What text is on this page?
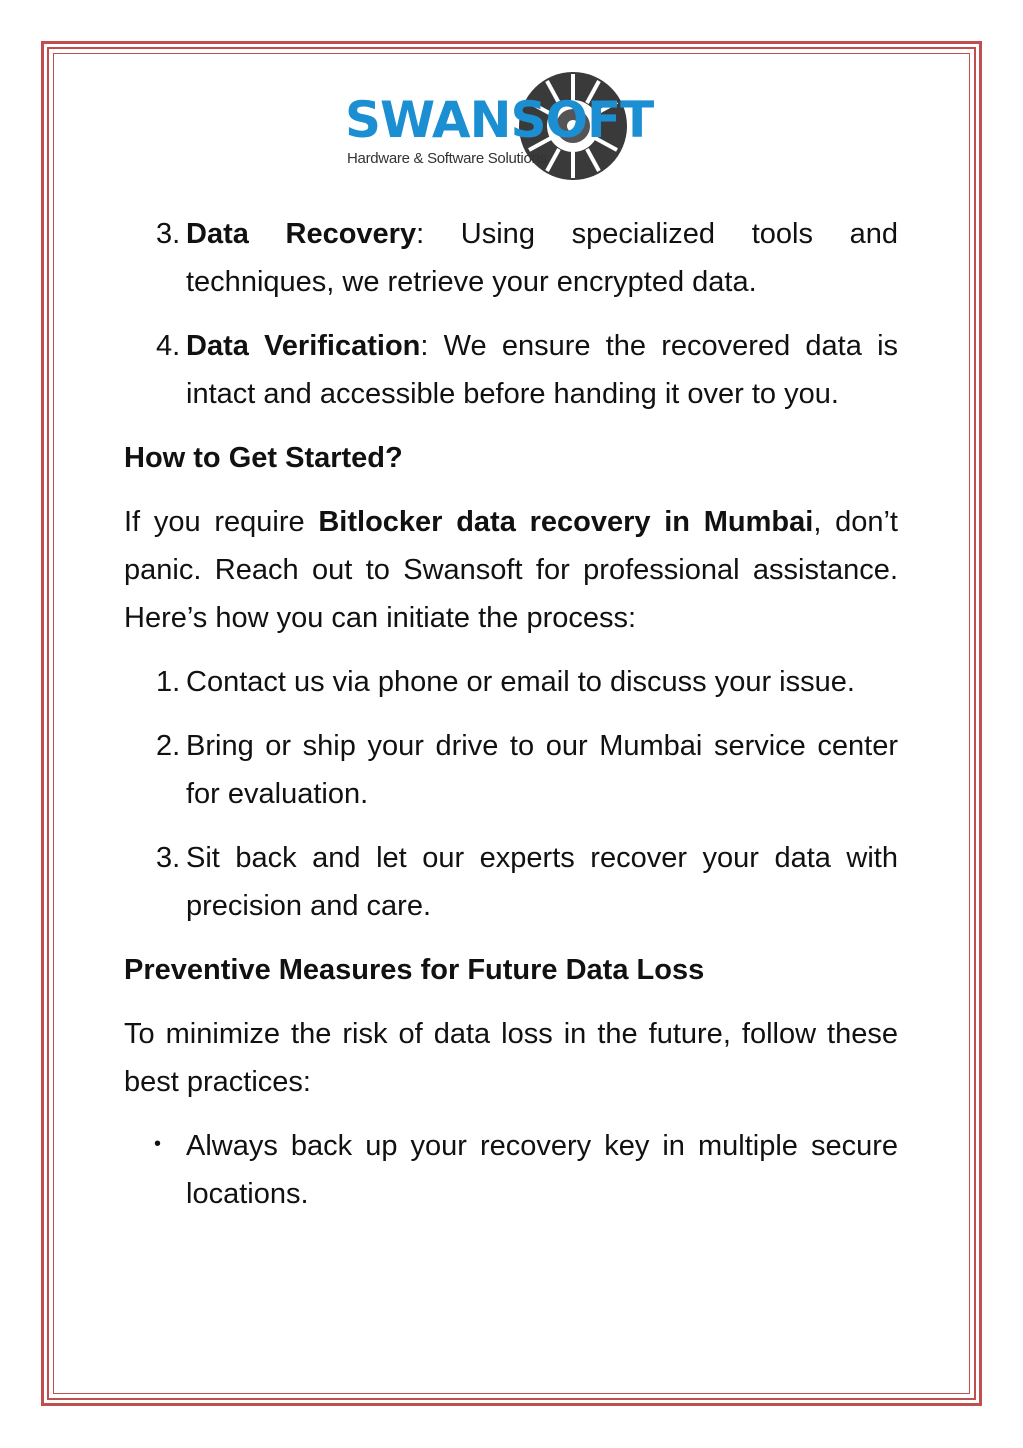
SWANSOFT
Hardware & Software Solutions
3. Data Recovery: Using specialized tools and techniques, we retrieve your encrypted data.
4. Data Verification: We ensure the recovered data is intact and accessible before handing it over to you.
How to Get Started?
If you require Bitlocker data recovery in Mumbai, don’t panic. Reach out to Swansoft for professional assistance. Here’s how you can initiate the process:
1. Contact us via phone or email to discuss your issue.
2. Bring or ship your drive to our Mumbai service center for evaluation.
3. Sit back and let our experts recover your data with precision and care.
Preventive Measures for Future Data Loss
To minimize the risk of data loss in the future, follow these best practices:
• Always back up your recovery key in multiple secure locations.
